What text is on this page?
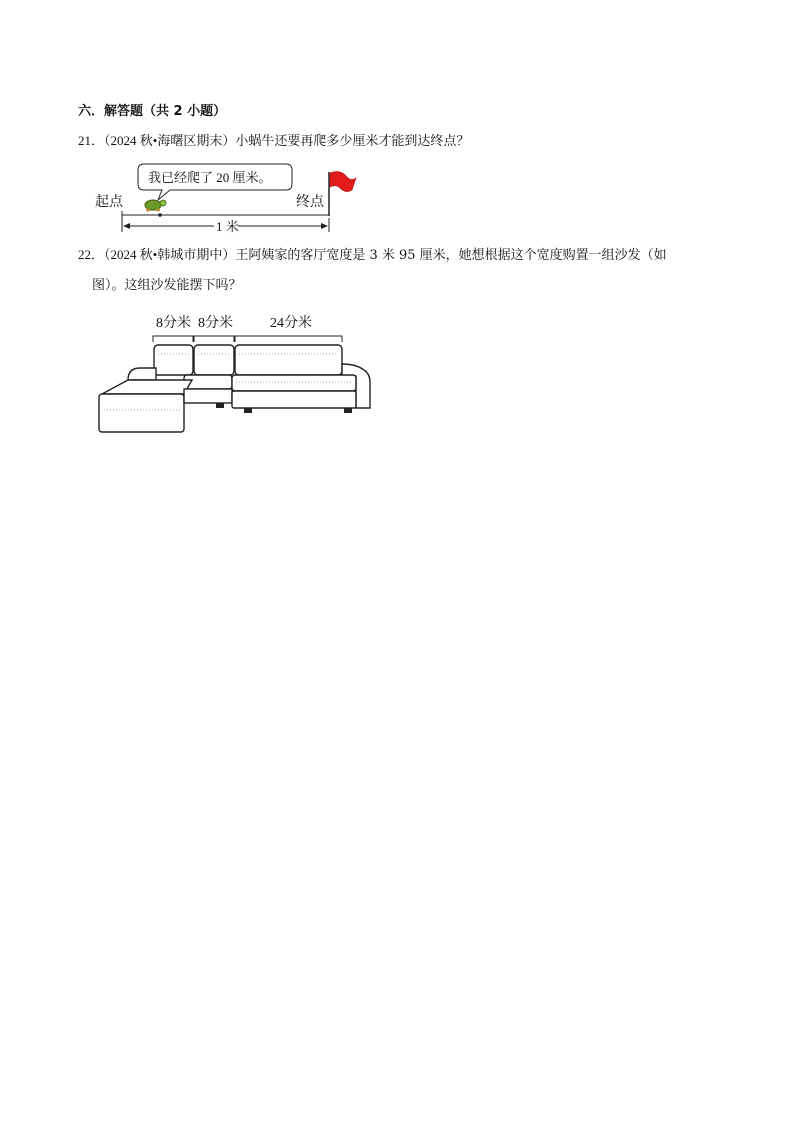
六．解答题（共 2 小题）
21．（2024 秋•海曙区期末）小蜗牛还要再爬多少厘米才能到达终点？
我已经爬了 20 厘米。
起点	终点
1 米
22．（2024 秋•韩城市期中）王阿姨家的客厅宽度是 3 米 95 厘米，她想根据这个宽度购置一组沙发（如
图）。这组沙发能摆下吗？
8分米 8分米	24分米
